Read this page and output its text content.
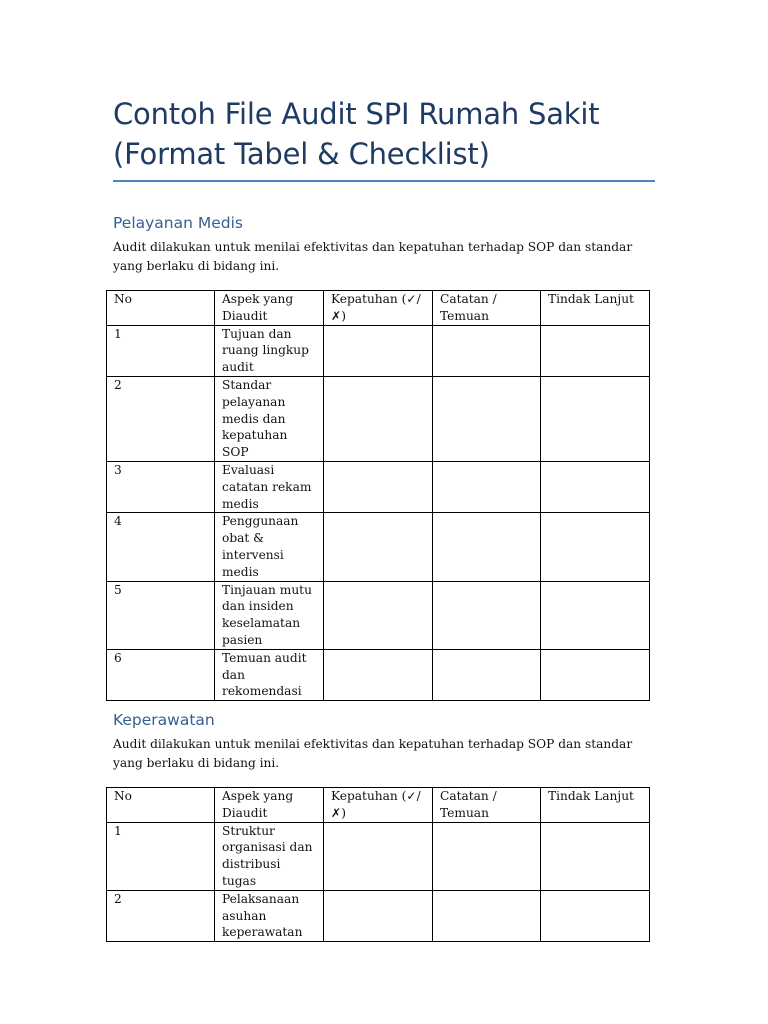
Contoh File Audit SPI Rumah Sakit (Format Tabel & Checklist)
Pelayanan Medis

Audit dilakukan untuk menilai efektivitas dan kepatuhan terhadap SOP dan standar yang berlaku di bidang ini.

No	Aspek yang Diaudit	Kepatuhan (✓/✗)	Catatan / Temuan	Tindak Lanjut
1	Tujuan dan ruang lingkup audit			
2	Standar pelayanan medis dan kepatuhan SOP			
3	Evaluasi catatan rekam medis			
4	Penggunaan obat & intervensi medis			
5	Tinjauan mutu dan insiden keselamatan pasien			
6	Temuan audit dan rekomendasi			
Keperawatan

Audit dilakukan untuk menilai efektivitas dan kepatuhan terhadap SOP dan standar yang berlaku di bidang ini.

No	Aspek yang Diaudit	Kepatuhan (✓/✗)	Catatan / Temuan	Tindak Lanjut
1	Struktur organisasi dan distribusi tugas			
2	Pelaksanaan asuhan keperawatan			
